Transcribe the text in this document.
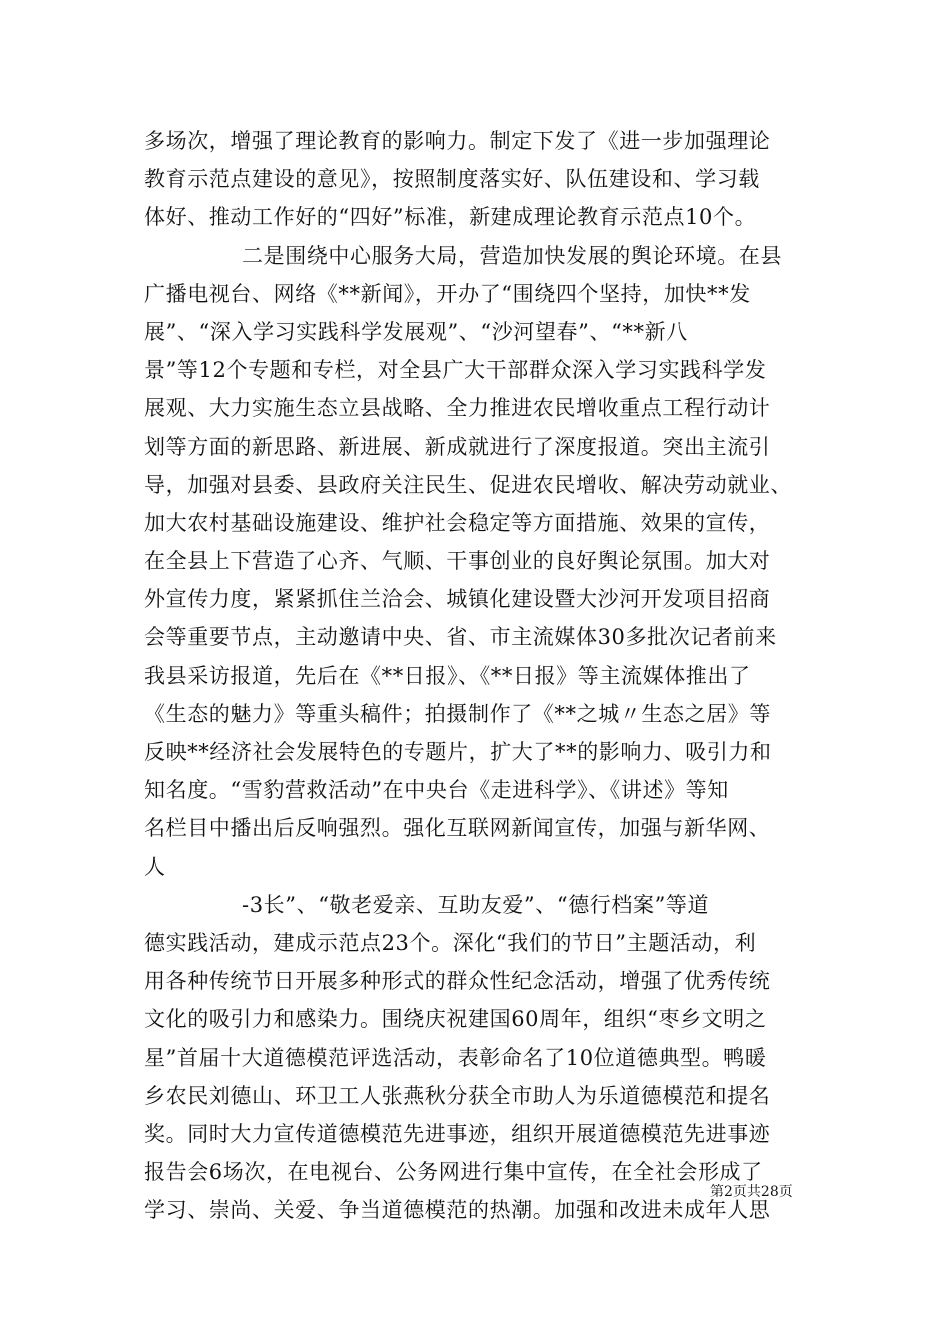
多场次，增强了理论教育的影响力。制定下发了《进一步加强理论
教育示范点建设的意见》，按照制度落实好、队伍建设和、学习载
体好、推动工作好的“四好”标准，新建成理论教育示范点10个。
二是围绕中心服务大局，营造加快发展的舆论环境。在县
广播电视台、网络《**新闻》，开办了“围绕四个坚持，加快**发
展”、“深入学习实践科学发展观”、“沙河望春”、“**新八
景”等12个专题和专栏，对全县广大干部群众深入学习实践科学发
展观、大力实施生态立县战略、全力推进农民增收重点工程行动计
划等方面的新思路、新进展、新成就进行了深度报道。突出主流引
导，加强对县委、县政府关注民生、促进农民增收、解决劳动就业、
加大农村基础设施建设、维护社会稳定等方面措施、效果的宣传，
在全县上下营造了心齐、气顺、干事创业的良好舆论氛围。加大对
外宣传力度，紧紧抓住兰洽会、城镇化建设暨大沙河开发项目招商
会等重要节点，主动邀请中央、省、市主流媒体30多批次记者前来
我县采访报道，先后在《**日报》、《**日报》等主流媒体推出了
《生态的魅力》等重头稿件；拍摄制作了《**之城〃生态之居》等
反映**经济社会发展特色的专题片，扩大了**的影响力、吸引力和
知名度。“雪豹营救活动”在中央台《走进科学》、《讲述》等知
名栏目中播出后反响强烈。强化互联网新闻宣传，加强与新华网、
人
-3长”、“敬老爱亲、互助友爱”、“德行档案”等道
德实践活动，建成示范点23个。深化“我们的节日”主题活动，利
用各种传统节日开展多种形式的群众性纪念活动，增强了优秀传统
文化的吸引力和感染力。围绕庆祝建国60周年，组织“枣乡文明之
星”首届十大道德模范评选活动，表彰命名了10位道德典型。鸭暖
乡农民刘德山、环卫工人张燕秋分获全市助人为乐道德模范和提名
奖。同时大力宣传道德模范先进事迹，组织开展道德模范先进事迹
报告会6场次，在电视台、公务网进行集中宣传，在全社会形成了
学习、崇尚、关爱、争当道德模范的热潮。加强和改进未成年人思
第2页共28页
